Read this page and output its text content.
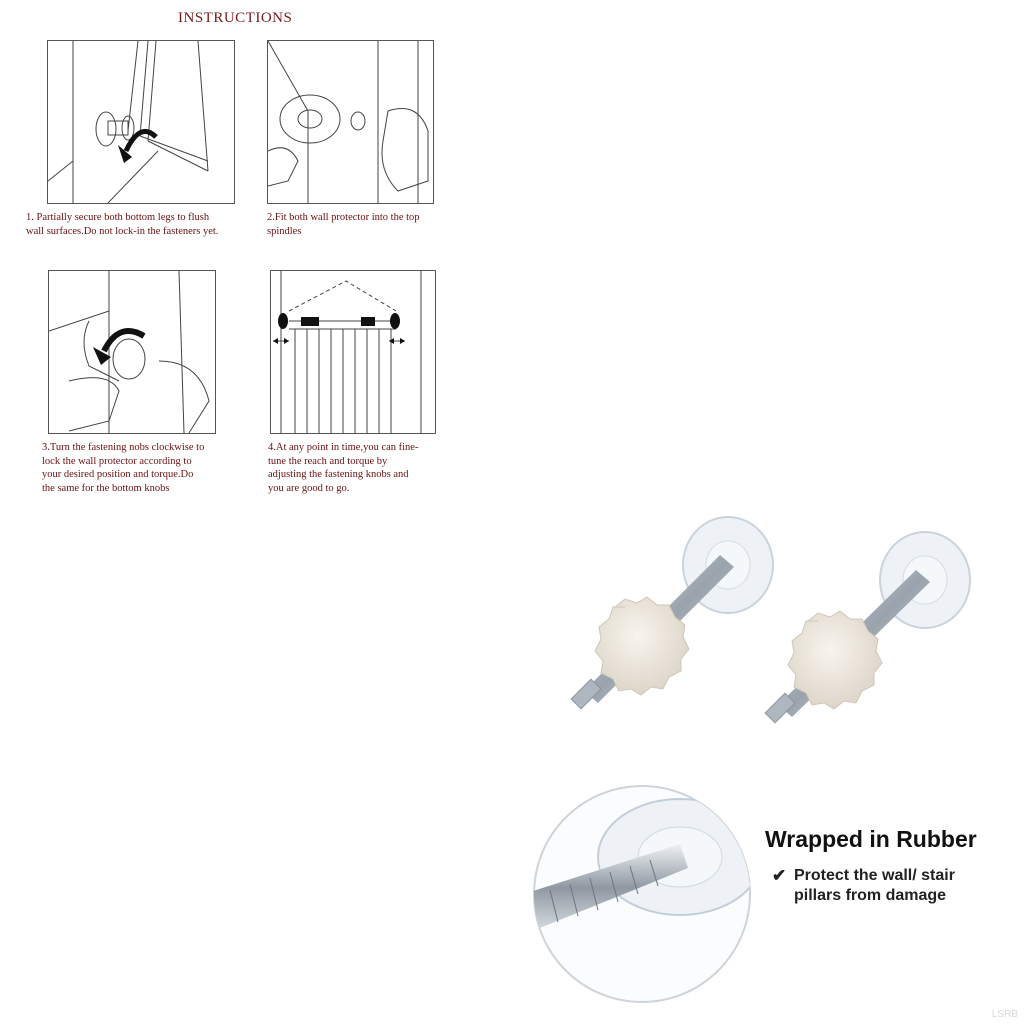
INSTRUCTIONS
1. Partially secure both bottom legs to flush
wall surfaces.Do not lock-in the fasteners yet.
2.Fit both wall protector into the top
spindles
3.Turn the fastening nobs clockwise to
lock the wall protector according to
your desired position and torque.Do
the same for the bottom knobs
4.At any point in time,you can fine-
tune the reach and torque by
adjusting the fastening knobs and
you are good to go.
Wrapped in Rubber
✔ Protect the wall/ stair
pillars from damage
LSRB
